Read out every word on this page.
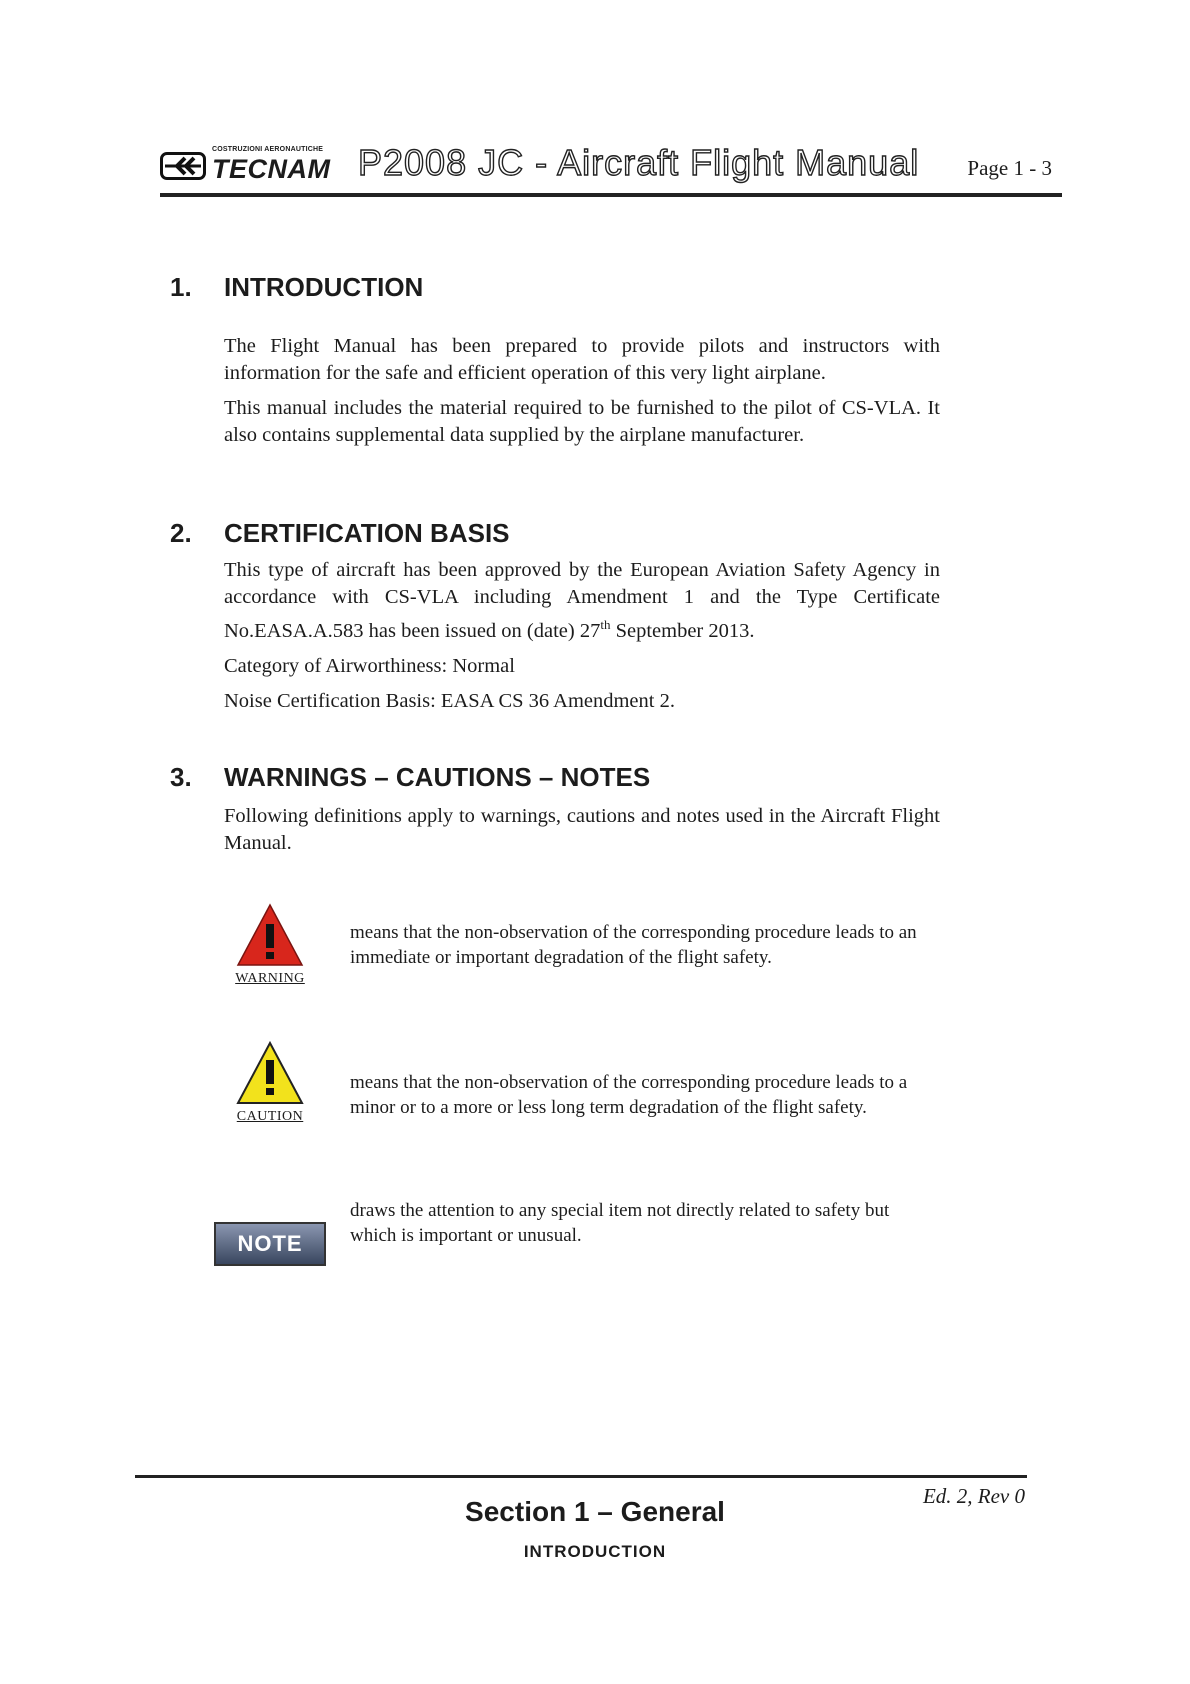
COSTRUZIONI AERONAUTICHE
TECNAM P2008 JC - Aircraft Flight Manual Page 1 - 3
1. INTRODUCTION

The Flight Manual has been prepared to provide pilots and instructors with information for the safe and efficient operation of this very light airplane.

This manual includes the material required to be furnished to the pilot of CS-VLA. It also contains supplemental data supplied by the airplane manufacturer.

2. CERTIFICATION BASIS

This type of aircraft has been approved by the European Aviation Safety Agency in accordance with CS-VLA including Amendment 1 and the Type Certificate No.EASA.A.583 has been issued on (date) 27th September 2013.

Category of Airworthiness: Normal

Noise Certification Basis: EASA CS 36 Amendment 2.

3. WARNINGS – CAUTIONS – NOTES

Following definitions apply to warnings, cautions and notes used in the Aircraft Flight Manual.

WARNING
means that the non-observation of the corresponding procedure leads to an immediate or important degradation of the flight safety.
CAUTION
means that the non-observation of the corresponding procedure leads to a minor or to a more or less long term degradation of the flight safety.
NOTE
draws the attention to any special item not directly related to safety but which is important or unusual.
Section 1 – General
INTRODUCTION
Ed. 2, Rev 0
